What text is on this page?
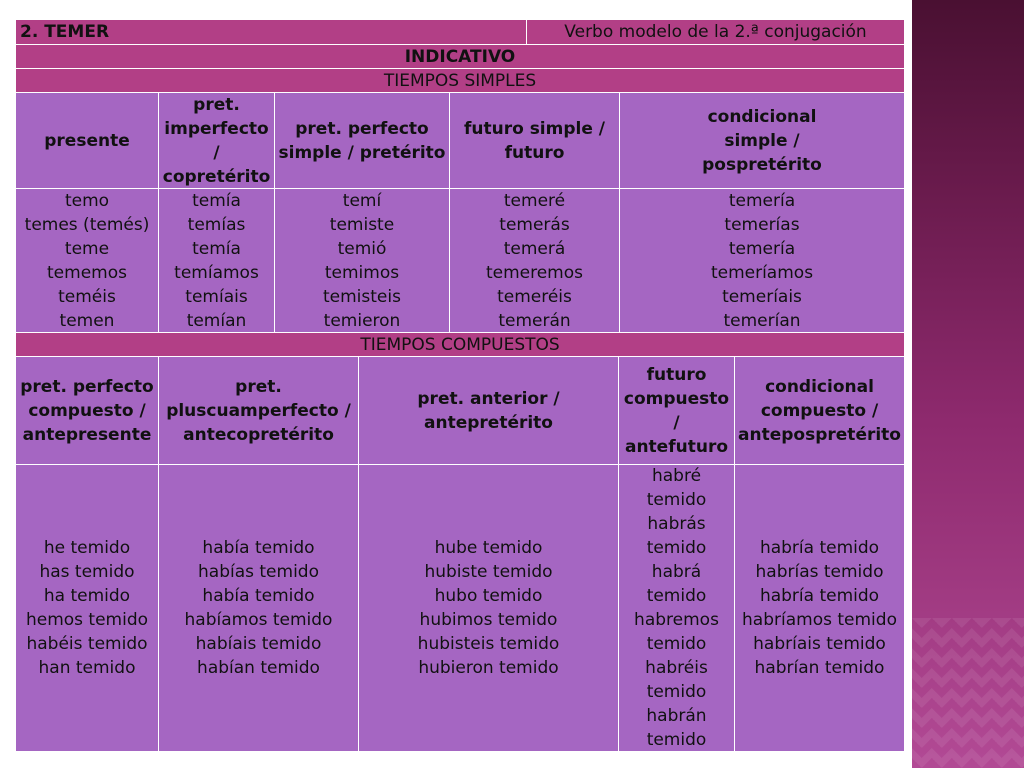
2. TEMER	Verbo modelo de la 2.ª conjugación
INDICATIVO
TIEMPOS SIMPLES
presente
pret.
imperfecto
/
copretérito
pret. perfecto
simple / pretérito
futuro simple /
futuro
condicional
simple /
pospretérito
temo
temes (temés)
teme
tememos
teméis
temen
temía
temías
temía
temíamos
temíais
temían
temí
temiste
temió
temimos
temisteis
temieron
temeré
temerás
temerá
temeremos
temeréis
temerán
temería
temerías
temería
temeríamos
temeríais
temerían
TIEMPOS COMPUESTOS
pret. perfecto
compuesto /
antepresente
pret.
pluscuamperfecto /
antecopretérito
pret. anterior /
antepretérito
futuro
compuesto
/
antefuturo
condicional
compuesto /
antepospretérito
he temido
has temido
ha temido
hemos temido
habéis temido
han temido
había temido
habías temido
había temido
habíamos temido
habíais temido
habían temido
hube temido
hubiste temido
hubo temido
hubimos temido
hubisteis temido
hubieron temido
habré
temido
habrás
temido
habrá
temido
habremos
temido
habréis
temido
habrán
temido
habría temido
habrías temido
habría temido
habríamos temido
habríais temido
habrían temido
